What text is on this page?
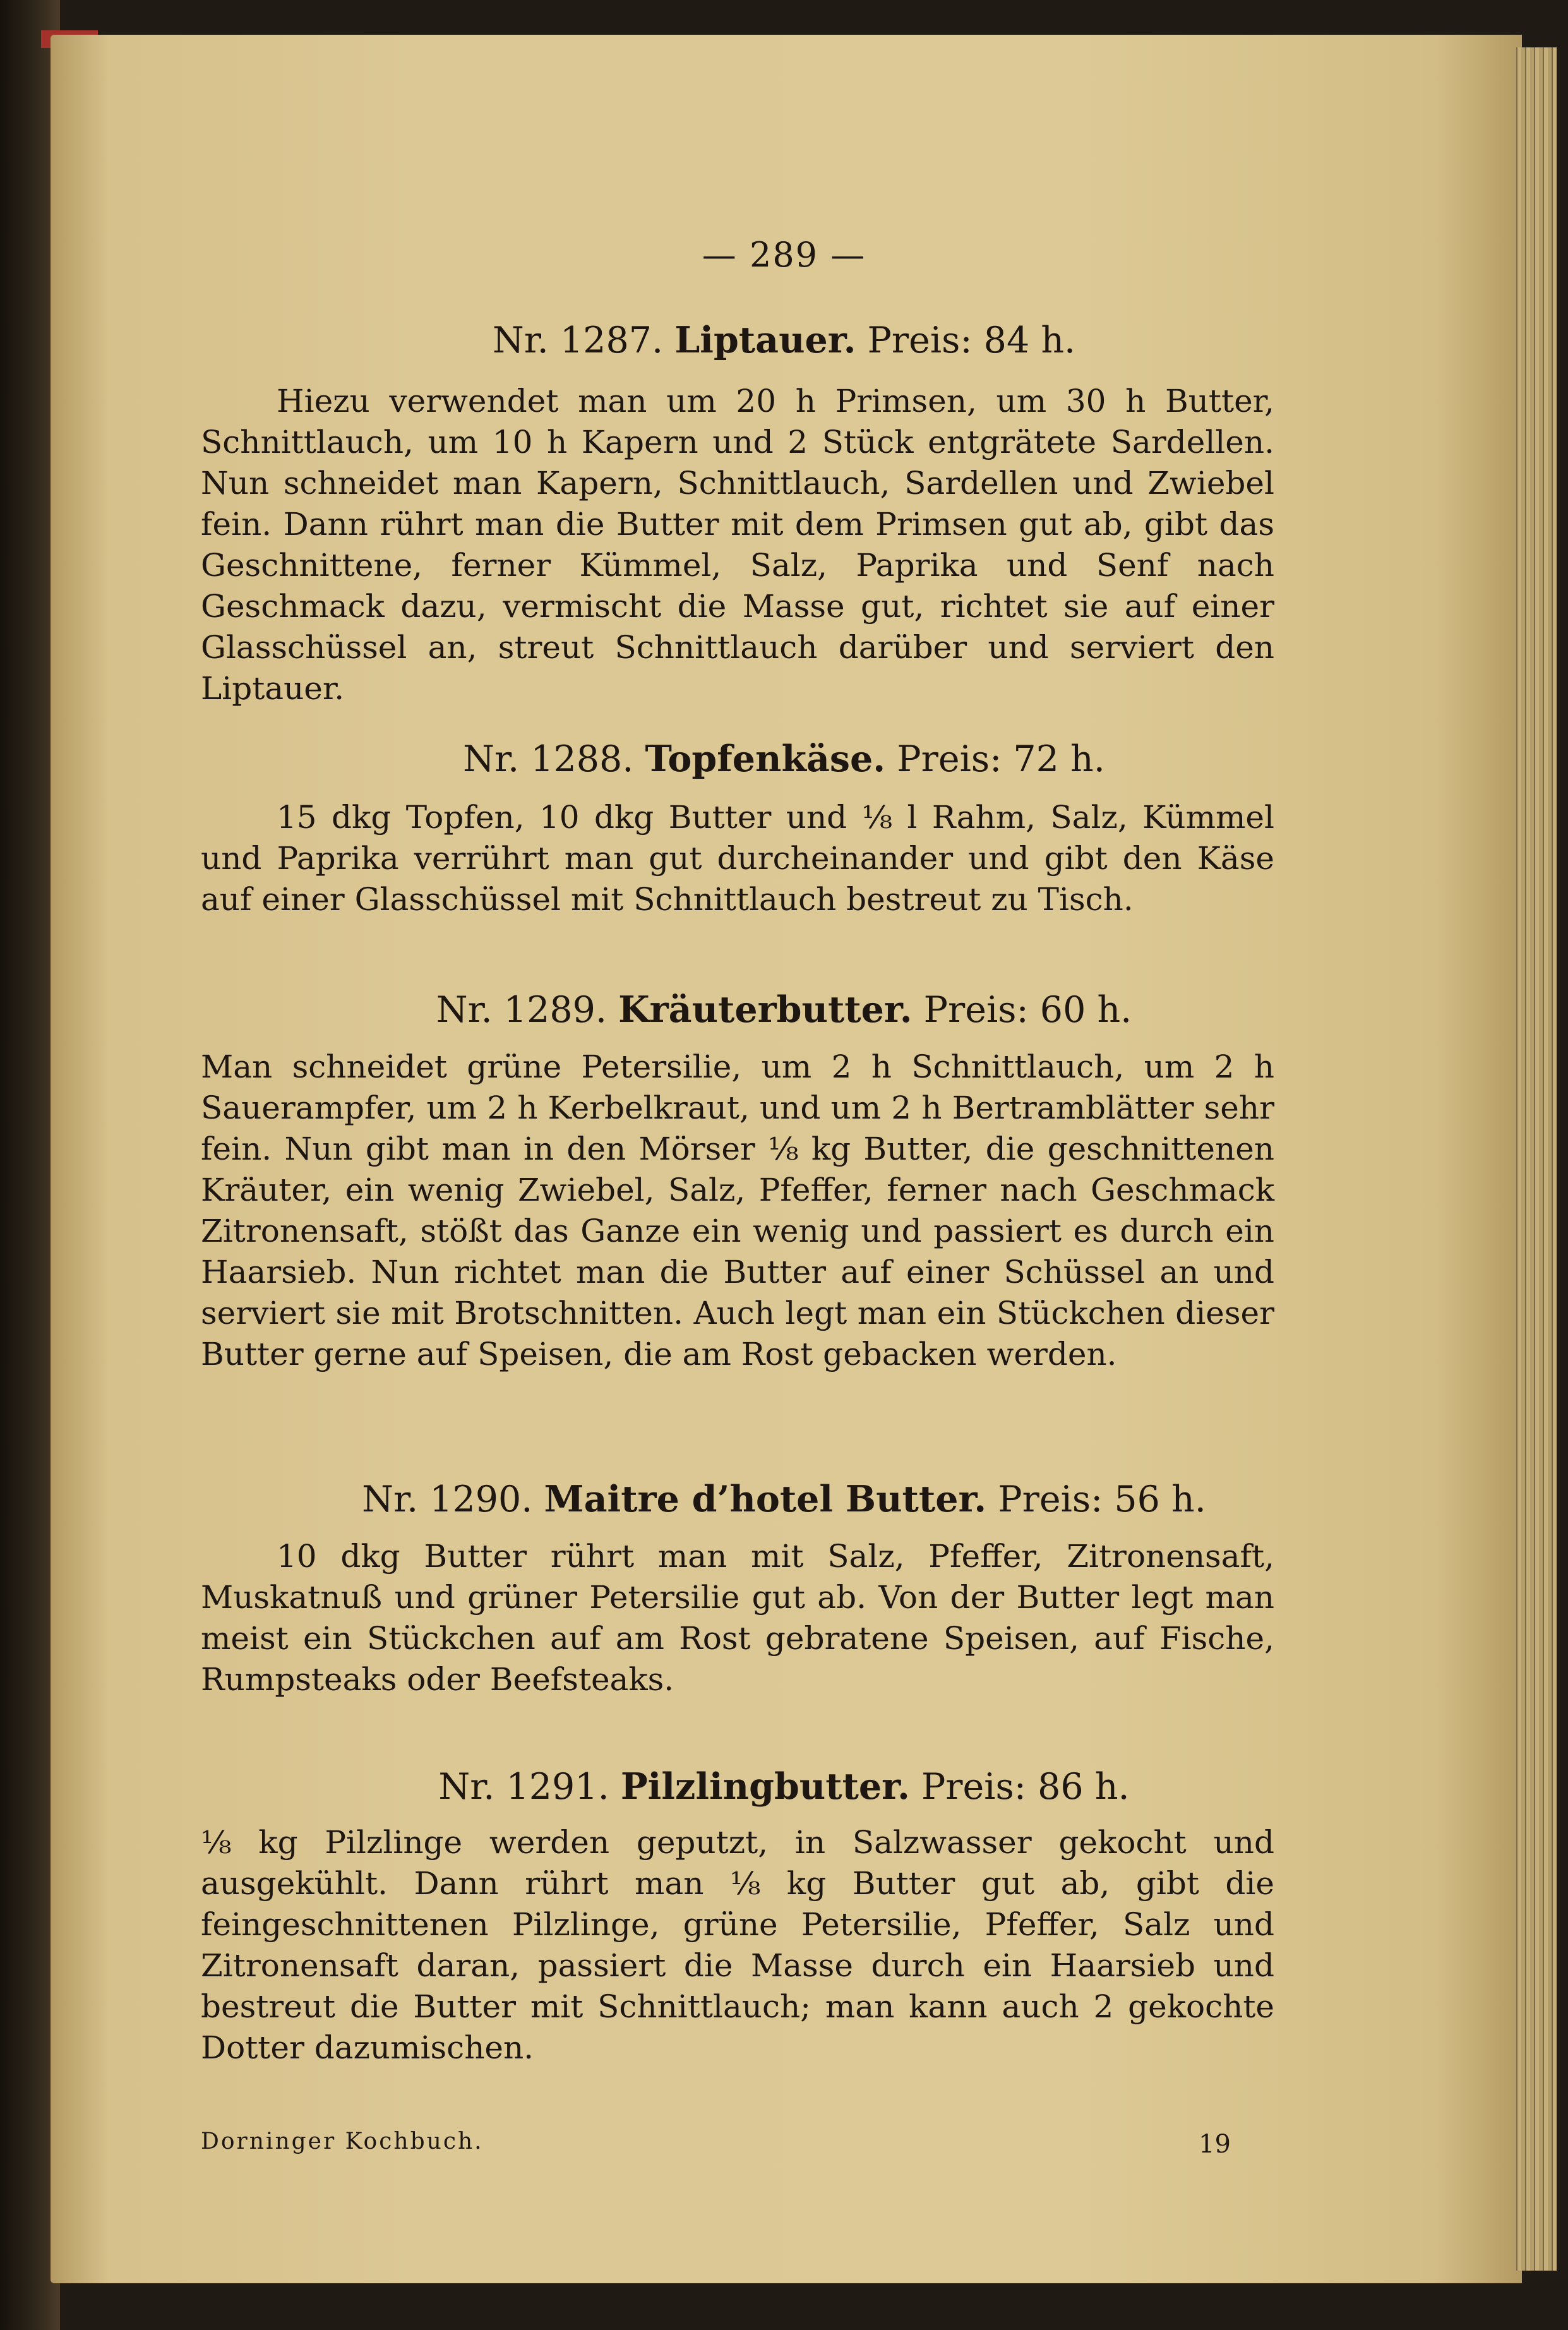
— 289 —
Nr. 1287. Liptauer. Preis: 84 h.
Hiezu verwendet man um 20 h Primsen, um 30 h Butter, Schnittlauch, um 10 h Kapern und 2 Stück entgrätete Sardellen. Nun schneidet man Kapern, Schnittlauch, Sardellen und Zwiebel fein. Dann rührt man die Butter mit dem Primsen gut ab, gibt das Geschnittene, ferner Kümmel, Salz, Paprika und Senf nach Geschmack dazu, vermischt die Masse gut, richtet sie auf einer Glasschüssel an, streut Schnittlauch darüber und serviert den Liptauer.
Nr. 1288. Topfenkäse. Preis: 72 h.
15 dkg Topfen, 10 dkg Butter und ⅛ l Rahm, Salz, Kümmel und Paprika verrührt man gut durcheinander und gibt den Käse auf einer Glasschüssel mit Schnittlauch bestreut zu Tisch.
Nr. 1289. Kräuterbutter. Preis: 60 h.
Man schneidet grüne Petersilie, um 2 h Schnittlauch, um 2 h Sauerampfer, um 2 h Kerbelkraut, und um 2 h Bertramblätter sehr fein. Nun gibt man in den Mörser ⅛ kg Butter, die geschnittenen Kräuter, ein wenig Zwiebel, Salz, Pfeffer, ferner nach Geschmack Zitronensaft, stößt das Ganze ein wenig und passiert es durch ein Haarsieb. Nun richtet man die Butter auf einer Schüssel an und serviert sie mit Brotschnitten. Auch legt man ein Stückchen dieser Butter gerne auf Speisen, die am Rost gebacken werden.
Nr. 1290. Maitre d’hotel Butter. Preis: 56 h.
10 dkg Butter rührt man mit Salz, Pfeffer, Zitronensaft, Muskatnuß und grüner Petersilie gut ab. Von der Butter legt man meist ein Stückchen auf am Rost gebratene Speisen, auf Fische, Rumpsteaks oder Beefsteaks.
Nr. 1291. Pilzlingbutter. Preis: 86 h.
⅛ kg Pilzlinge werden geputzt, in Salzwasser gekocht und ausgekühlt. Dann rührt man ⅛ kg Butter gut ab, gibt die feingeschnittenen Pilzlinge, grüne Petersilie, Pfeffer, Salz und Zitronensaft daran, passiert die Masse durch ein Haarsieb und bestreut die Butter mit Schnittlauch; man kann auch 2 gekochte Dotter dazumischen.
Dorninger Kochbuch.	19
